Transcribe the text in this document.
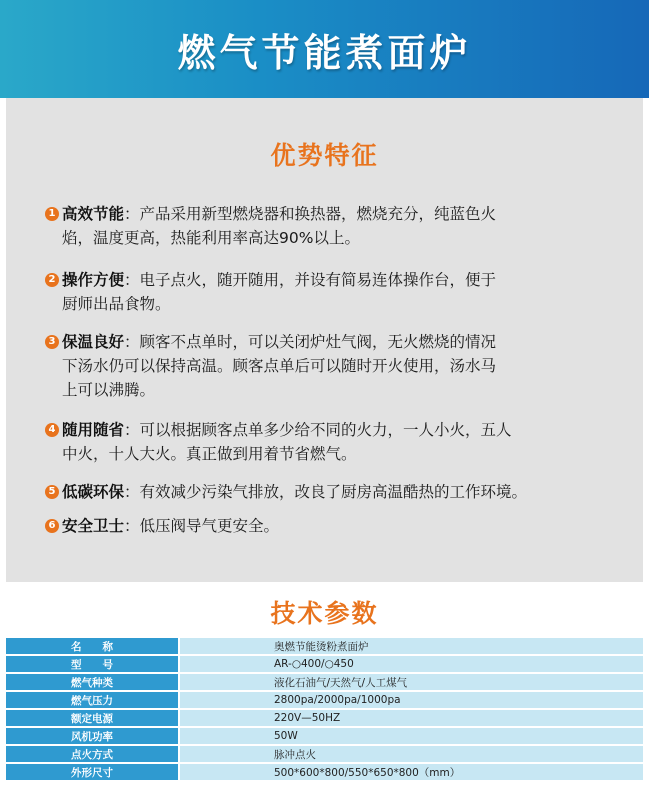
燃气节能煮面炉
优势特征
1 高效节能：产品采用新型燃烧器和换热器，燃烧充分，纯蓝色火
焰，温度更高，热能利用率高达90%以上。
2 操作方便：电子点火，随开随用，并设有简易连体操作台，便于
厨师出品食物。
3 保温良好：顾客不点单时，可以关闭炉灶气阀，无火燃烧的情况
下汤水仍可以保持高温。顾客点单后可以随时开火使用，汤水马
上可以沸腾。
4 随用随省：可以根据顾客点单多少给不同的火力，一人小火，五人
中火，十人大火。真正做到用着节省燃气。
5 低碳环保：有效减少污染气排放，改良了厨房高温酷热的工作环境。
6 安全卫士：低压阀导气更安全。
技术参数
名　　称	奥燃节能烫粉煮面炉
型　　号	AR-○400/○450
燃气种类	液化石油气/天然气/人工煤气
燃气压力	2800pa/2000pa/1000pa
额定电源	220V—50HZ
风机功率	50W
点火方式	脉冲点火
外形尺寸	500*600*800/550*650*800（mm）
